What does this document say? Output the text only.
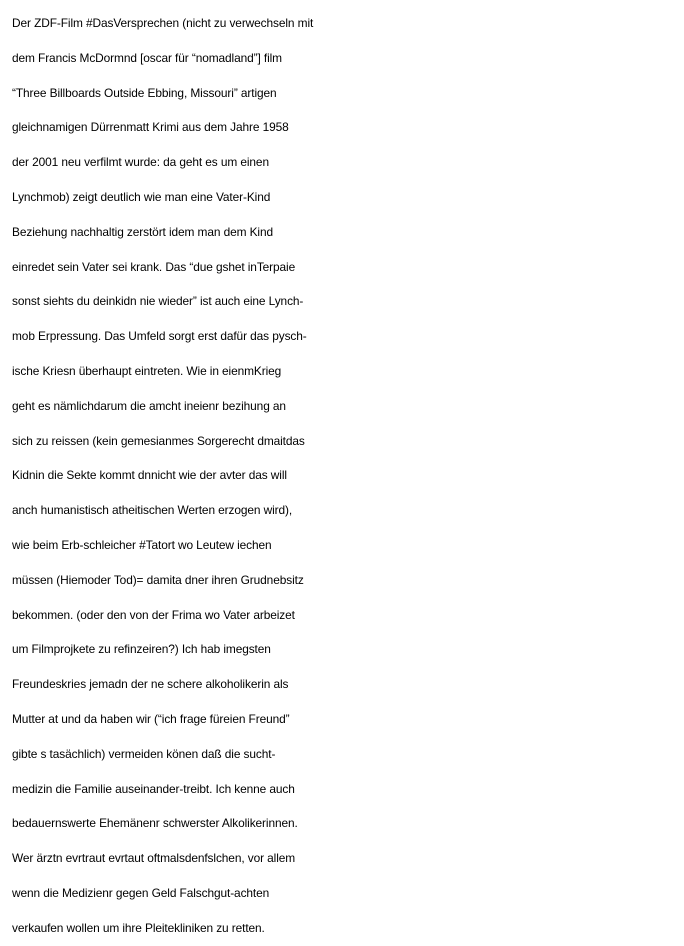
Der ZDF-Film #DasVersprechen (nicht zu verwechseln mit
dem Francis McDormnd [oscar für “nomadland”] film
“Three Billboards Outside Ebbing, Missouri” artigen
gleichnamigen Dürrenmatt Krimi aus dem Jahre 1958
der 2001 neu verfilmt wurde: da geht es um einen
Lynchmob) zeigt deutlich wie man eine Vater-Kind
Beziehung nachhaltig zerstört idem man dem Kind
einredet sein Vater sei krank. Das “due gshet inTerpaie
sonst siehts du deinkidn nie wieder” ist auch eine Lynch-
mob Erpressung. Das Umfeld sorgt erst dafür das pysch-
ische Kriesn überhaupt eintreten. Wie in eienmKrieg
geht es nämlichdarum die amcht ineienr bezihung an
sich zu reissen (kein gemesianmes Sorgerecht dmaitdas
Kidnin die Sekte kommt dnnicht wie der avter das will
anch humanistisch atheitischen Werten erzogen wird),
wie beim Erb-schleicher #Tatort wo Leutew iechen
müssen (Hiemoder Tod)= damita dner ihren Grudnebsitz
bekommen. (oder den von der Frima wo Vater arbeizet
um Filmprojkete zu refinzeiren?) Ich hab imegsten
Freundeskries jemadn der ne schere alkoholikerin als
Mutter at und da haben wir (“ich frage füreien Freund”
gibte s tasächlich) vermeiden könen daß die sucht-
medizin die Familie auseinander-treibt. Ich kenne auch
bedauernswerte Ehemänenr schwerster Alkolikerinnen.
Wer ärztn evrtraut evrtaut oftmalsdenfslchen, vor allem
wenn die Medizienr gegen Geld Falschgut-achten
verkaufen wollen um ihre Pleitekliniken zu retten.
